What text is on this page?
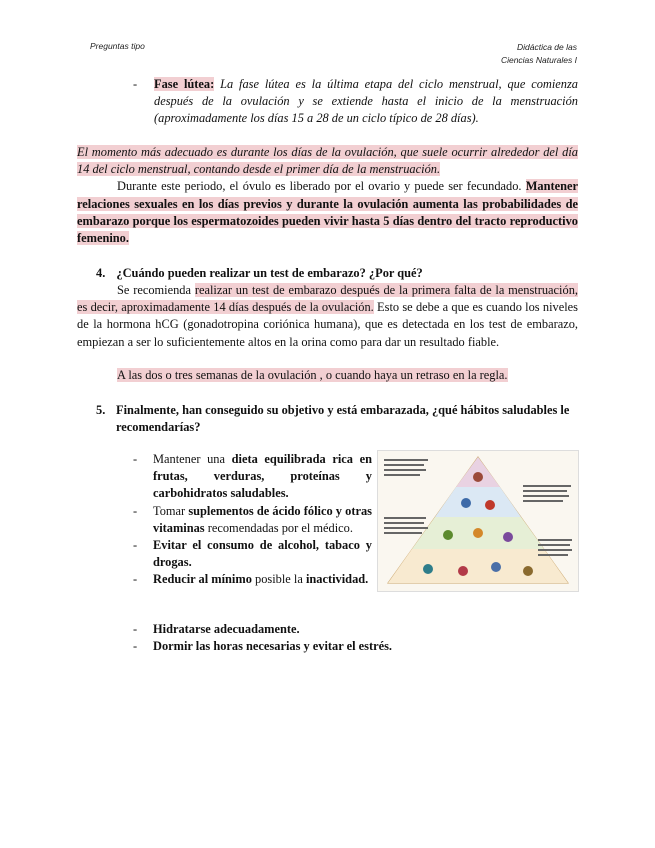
Preguntas tipo	Didáctica de las
Ciencias Naturales I
-	Fase lútea: La fase lútea es la última etapa del ciclo menstrual, que comienza después de la ovulación y se extiende hasta el inicio de la menstruación (aproximadamente los días 15 a 28 de un ciclo típico de 28 días).
El momento más adecuado es durante los días de la ovulación, que suele ocurrir alrededor del día 14 del ciclo menstrual, contando desde el primer día de la menstruación.
Durante este periodo, el óvulo es liberado por el ovario y puede ser fecundado. Mantener relaciones sexuales en los días previos y durante la ovulación aumenta las probabilidades de embarazo porque los espermatozoides pueden vivir hasta 5 días dentro del tracto reproductivo femenino.
4. ¿Cuándo pueden realizar un test de embarazo? ¿Por qué?
Se recomienda realizar un test de embarazo después de la primera falta de la menstruación, es decir, aproximadamente 14 días después de la ovulación. Esto se debe a que es cuando los niveles de la hormona hCG (gonadotropina coriónica humana), que es detectada en los test de embarazo, empiezan a ser lo suficientemente altos en la orina como para dar un resultado fiable.
A las dos o tres semanas de la ovulación , o cuando haya un retraso en la regla.
5. Finalmente, han conseguido su objetivo y está embarazada, ¿qué hábitos saludables le recomendarías?
- Mantener una dieta equilibrada rica en frutas, verduras, proteínas y carbohidratos saludables.
- Tomar suplementos de ácido fólico y otras vitaminas recomendadas por el médico.
- Evitar el consumo de alcohol, tabaco y drogas.
- Reducir al mínimo posible la inactividad.
- Hidratarse adecuadamente.
- Dormir las horas necesarias y evitar el estrés.
